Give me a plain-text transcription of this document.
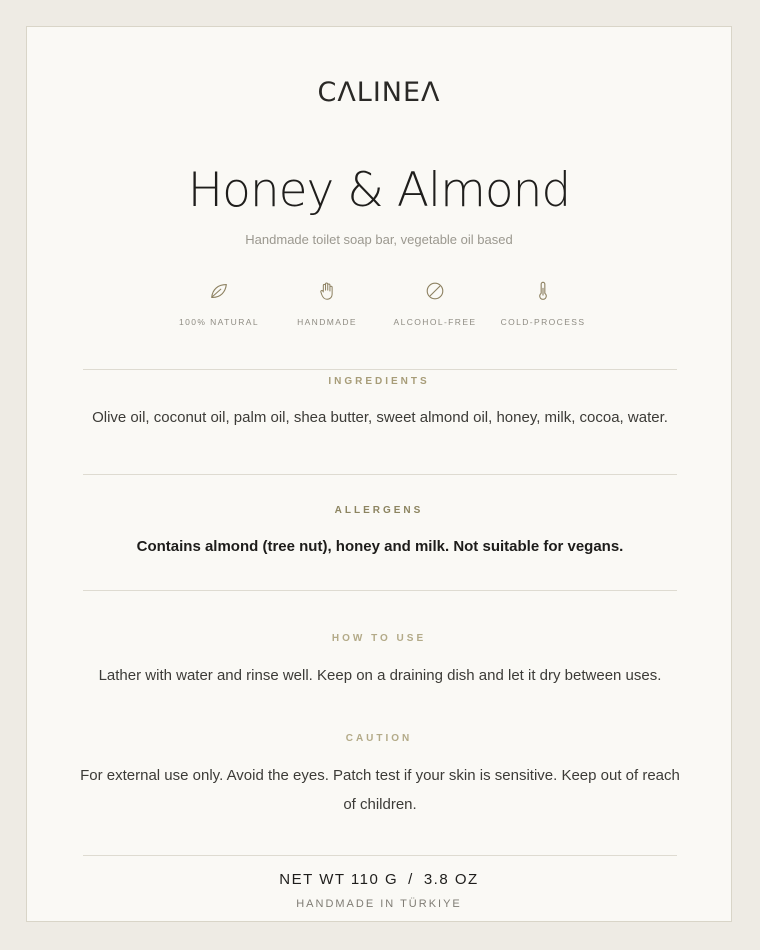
CΛLINEΛ
Honey & Almond
Handmade toilet soap bar, vegetable oil based
100% NATURAL	HANDMADE	ALCOHOL-FREE	COLD-PROCESS
INGREDIENTS
Olive oil, coconut oil, palm oil, shea butter, sweet almond oil, honey, milk, cocoa, water.
ALLERGENS
Contains almond (tree nut), honey and milk. Not suitable for vegans.
HOW TO USE
Lather with water and rinse well. Keep on a draining dish and let it dry between uses.
CAUTION
For external use only. Avoid the eyes. Patch test if your skin is sensitive. Keep out of reach of children.
NET WT 110 G / 3.8 OZ
HANDMADE IN TÜRKIYE
